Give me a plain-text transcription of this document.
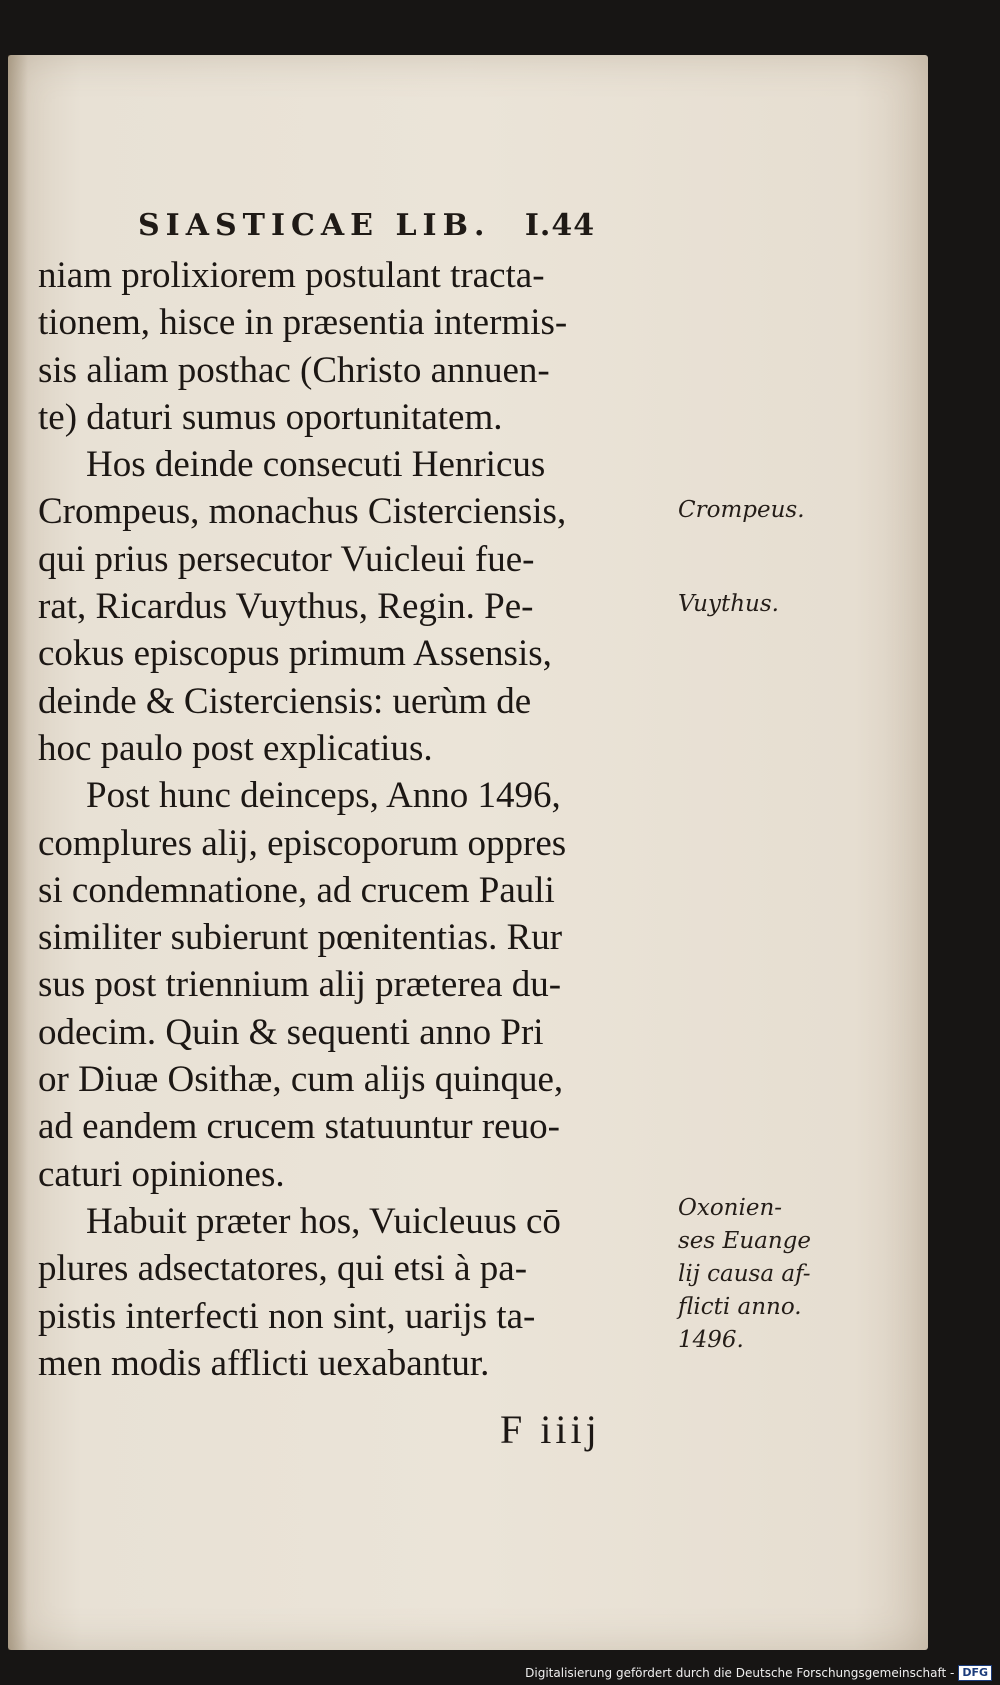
SIASTICAE LIB. I.44
niam prolixiorem postulant tracta-
tionem, hisce in præsentia intermis-
sis aliam posthac (Christo annuen-
te) daturi sumus oportunitatem.
Hos deinde consecuti Henricus
Crompeus, monachus Cisterciensis,
qui prius persecutor Vuicleui fue-
rat, Ricardus Vuythus, Regin. Pe-
cokus episcopus primum Assensis,
deinde & Cisterciensis: uerùm de
hoc paulo post explicatius.
Post hunc deinceps, Anno 1496,
complures alij, episcoporum oppres
si condemnatione, ad crucem Pauli
similiter subierunt pœnitentias. Rur
sus post triennium alij præterea du-
odecim. Quin & sequenti anno Pri
or Diuæ Osithæ, cum alijs quinque,
ad eandem crucem statuuntur reuo-
caturi opiniones.
Habuit præter hos, Vuicleuus cō
plures adsectatores, qui etsi à pa-
pistis interfecti non sint, uarijs ta-
men modis afflicti uexabantur.
Crompeus.
Vuythus.
Oxonien-
ses Euange
lij causa af-
flicti anno.
1496.
F iiij
Digitalisierung gefördert durch die Deutsche Forschungsgemeinschaft - DFG
